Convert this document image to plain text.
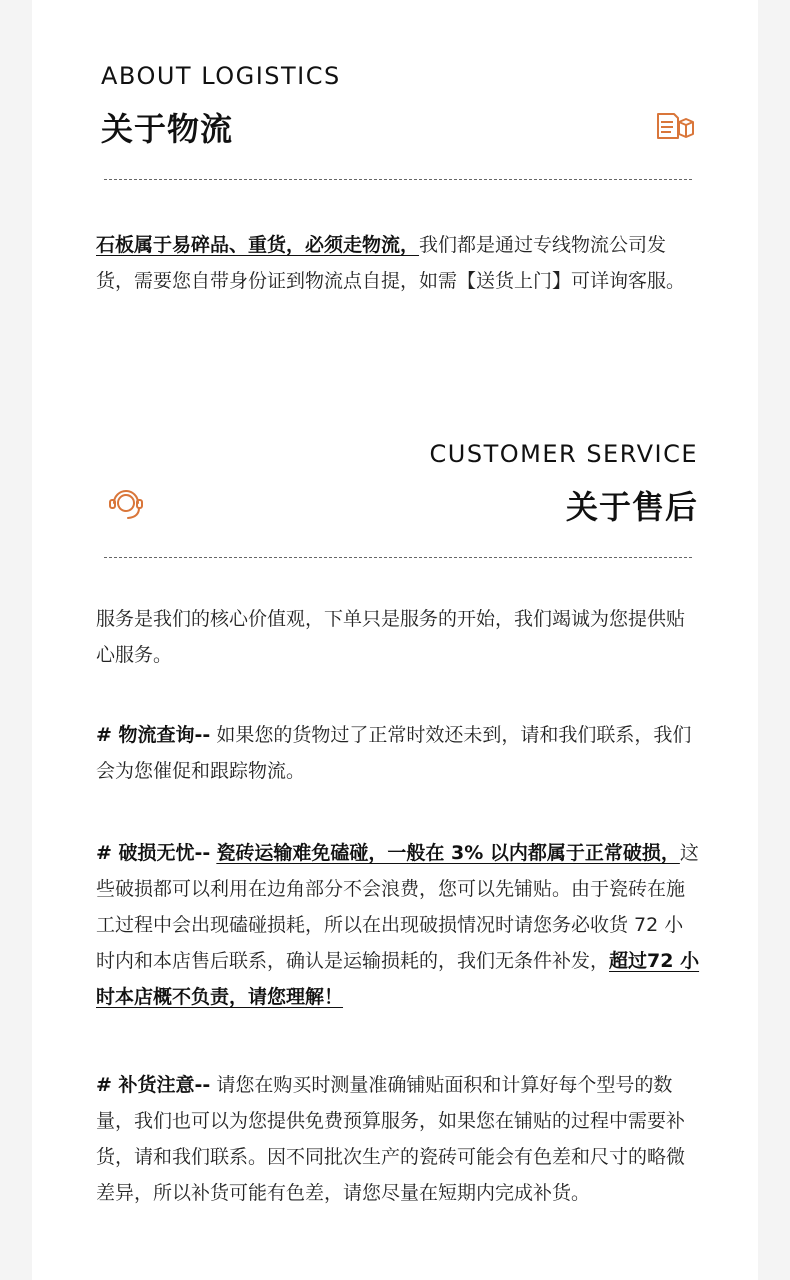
ABOUT LOGISTICS
关于物流

石板属于易碎品、重货，必须走物流，我们都是通过专线物流公司发货，需要您自带身份证到物流点自提，如需【送货上门】可详询客服。

CUSTOMER SERVICE
关于售后

服务是我们的核心价值观，下单只是服务的开始，我们竭诚为您提供贴心服务。

# 物流查询-- 如果您的货物过了正常时效还未到，请和我们联系，我们会为您催促和跟踪物流。

# 破损无忧-- 瓷砖运输难免磕碰，一般在 3% 以内都属于正常破损，这些破损都可以利用在边角部分不会浪费，您可以先铺贴。由于瓷砖在施工过程中会出现磕碰损耗，所以在出现破损情况时请您务必收货 72 小时内和本店售后联系，确认是运输损耗的，我们无条件补发，超过72 小时本店概不负责，请您理解！

# 补货注意-- 请您在购买时测量准确铺贴面积和计算好每个型号的数量，我们也可以为您提供免费预算服务，如果您在铺贴的过程中需要补货，请和我们联系。因不同批次生产的瓷砖可能会有色差和尺寸的略微差异，所以补货可能有色差，请您尽量在短期内完成补货。
